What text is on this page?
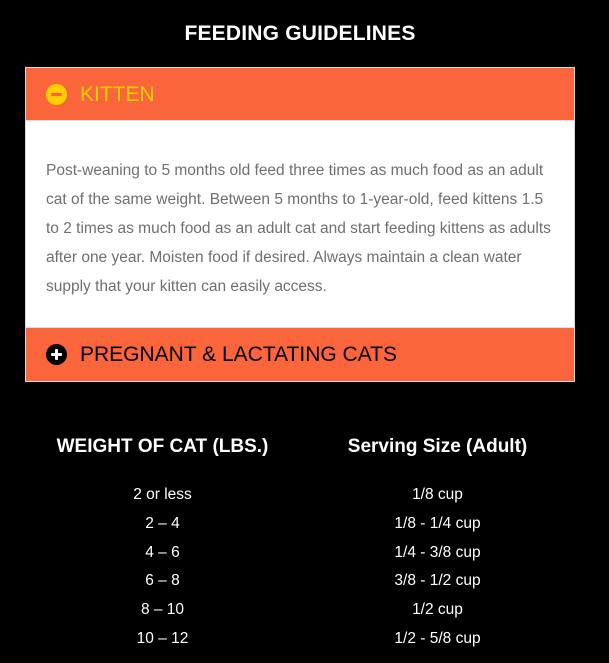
FEEDING GUIDELINES
KITTEN
Post-weaning to 5 months old feed three times as much food as an adult cat of the same weight. Between 5 months to 1-year-old, feed kittens 1.5 to 2 times as much food as an adult cat and start feeding kittens as adults after one year. Moisten food if desired. Always maintain a clean water supply that your kitten can easily access.
PREGNANT & LACTATING CATS
WEIGHT OF CAT (LBS.)	Serving Size (Adult)
2 or less	1/8 cup
2 – 4	1/8 - 1/4 cup
4 – 6	1/4 - 3/8 cup
6 – 8	3/8 - 1/2 cup
8 – 10	1/2 cup
10 – 12	1/2 - 5/8 cup
